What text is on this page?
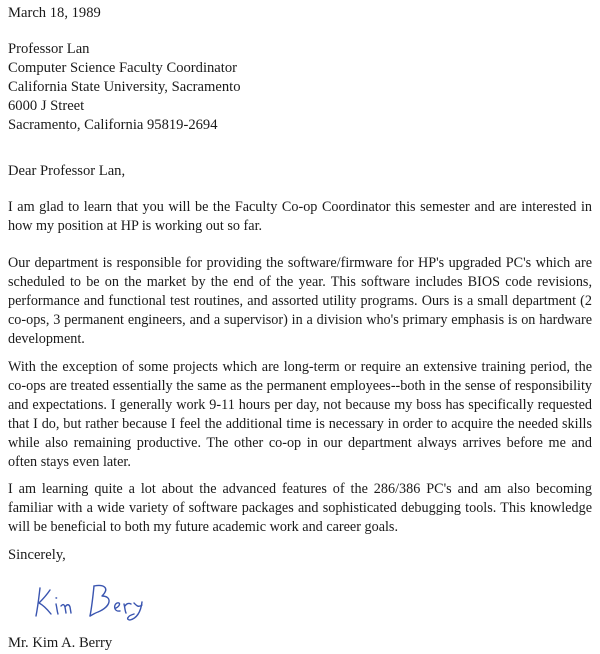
March 18, 1989
Professor Lan
Computer Science Faculty Coordinator
California State University, Sacramento
6000 J Street
Sacramento, California 95819-2694
Dear Professor Lan,
I am glad to learn that you will be the Faculty Co-op Coordinator this semester and are interested in how my position at HP is working out so far.
Our department is responsible for providing the software/firmware for HP's upgraded PC's which are scheduled to be on the market by the end of the year. This software includes BIOS code revisions, performance and functional test routines, and assorted utility programs. Ours is a small department (2 co-ops, 3 permanent engineers, and a supervisor) in a division who's primary emphasis is on hardware development.
With the exception of some projects which are long-term or require an extensive training period, the co-ops are treated essentially the same as the permanent employees--both in the sense of responsibility and expectations. I generally work 9-11 hours per day, not because my boss has specifically requested that I do, but rather because I feel the additional time is necessary in order to acquire the needed skills while also remaining productive. The other co-op in our department always arrives before me and often stays even later.
I am learning quite a lot about the advanced features of the 286/386 PC's and am also becoming familiar with a wide variety of software packages and sophisticated debugging tools. This knowledge will be beneficial to both my future academic work and career goals.
Sincerely,
Mr. Kim A. Berry
